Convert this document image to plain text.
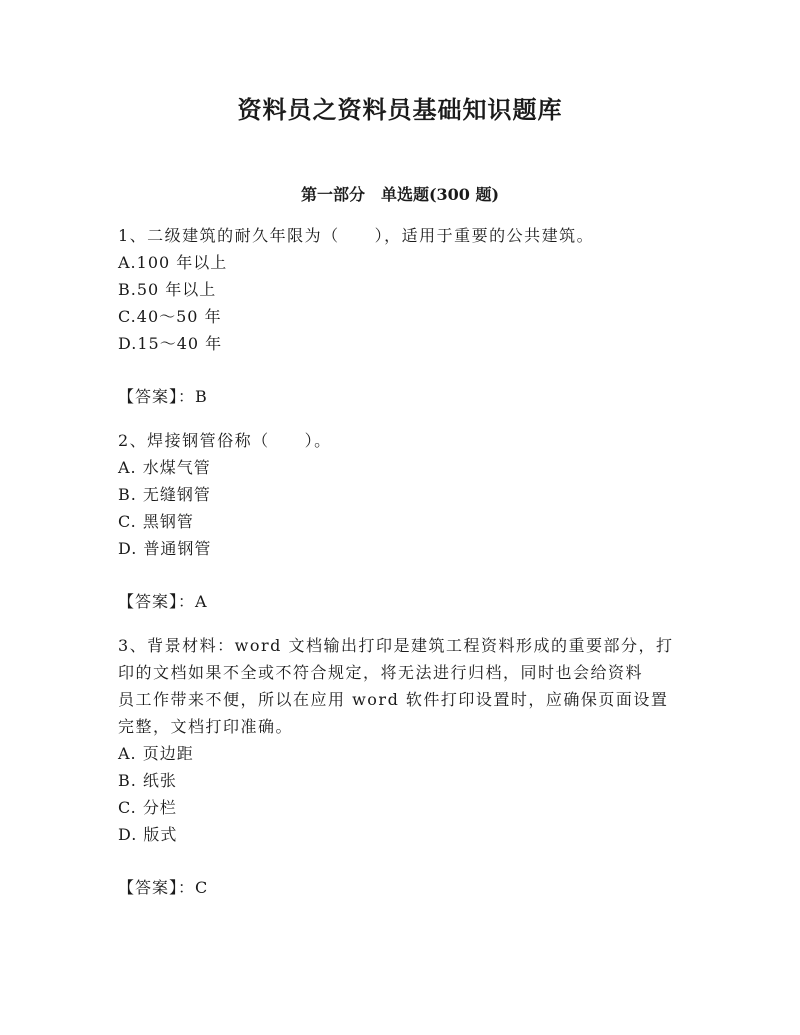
资料员之资料员基础知识题库
第一部分　单选题(300 题)

1、二级建筑的耐久年限为（　　），适用于重要的公共建筑。

A.100 年以上

B.50 年以上

C.40～50 年

D.15～40 年

【答案】：B

2、焊接钢管俗称（　　）。

A. 水煤气管

B. 无缝钢管

C. 黑钢管

D. 普通钢管

【答案】：A

3、背景材料：word 文档输出打印是建筑工程资料形成的重要部分，打

印的文档如果不全或不符合规定，将无法进行归档，同时也会给资料

员工作带来不便，所以在应用 word 软件打印设置时，应确保页面设置

完整，文档打印准确。

A. 页边距

B. 纸张

C. 分栏

D. 版式

【答案】：C
